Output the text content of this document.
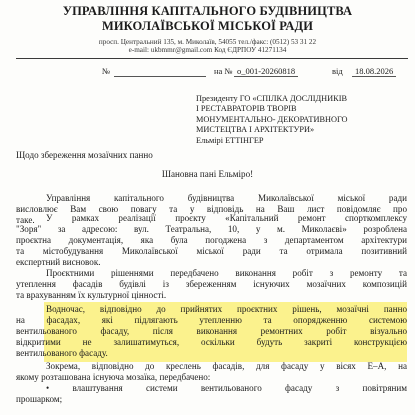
УПРАВЛІННЯ КАПІТАЛЬНОГО БУДІВНИЦТВА
МИКОЛАЇВСЬКОЇ МІСЬКОЇ РАДИ
просп. Центральний 135, м. Миколаїв, 54055 тел./факс: (0512) 53 31 22
e-mail: ukbmmr@gmail.com Код ЄДРПОУ 41271134
№	на № о_001-20260818	від	18.08.2026
Президенту ГО «СПІЛКА ДОСЛІДНИКІВ
І РЕСТАВРАТОРІВ ТВОРІВ
МОНУМЕНТАЛЬНО- ДЕКОРАТИВНОГО
МИСТЕЦТВА І АРХІТЕКТУРИ»
Ельмірі ЕТТІНГЕР
Щодо збереження мозаїчних панно
Шановна пані Ельміро!
Управління капітального будівництва Миколаївської міської ради
висловлює Вам свою повагу та у відповідь на Ваш лист повідомляє про
таке.	У рамках реалізації проєкту «Капітальний ремонт спорткомплексу
"Зоря" за адресою: вул. Театральна, 10, у м. Миколаєві» розроблена
проєктна документація, яка була погоджена з департаментом архітектури
та містобудування Миколаївської міської ради та отримала позитивний
експертний висновок.
Проєктними рішеннями передбачено виконання робіт з ремонту та
утеплення фасадів будівлі із збереженням існуючих мозаїчних композицій
та врахуванням їх культурної цінності.
Водночас, відповідно до прийнятих проєктних рішень, мозаїчні панно
на фасадах, які підлягають утепленню та опорядженню системою
вентильованого фасаду, після виконання ремонтних робіт візуально
відкритими не залишатимуться, оскільки будуть закриті конструкцією
вентильованого фасаду.
Зокрема, відповідно до креслень фасадів, для фасаду у вісях Е–А, на
якому розташована існуюча мозаїка, передбачено:
• влаштування системи вентильованого фасаду з повітряним
прошарком;
